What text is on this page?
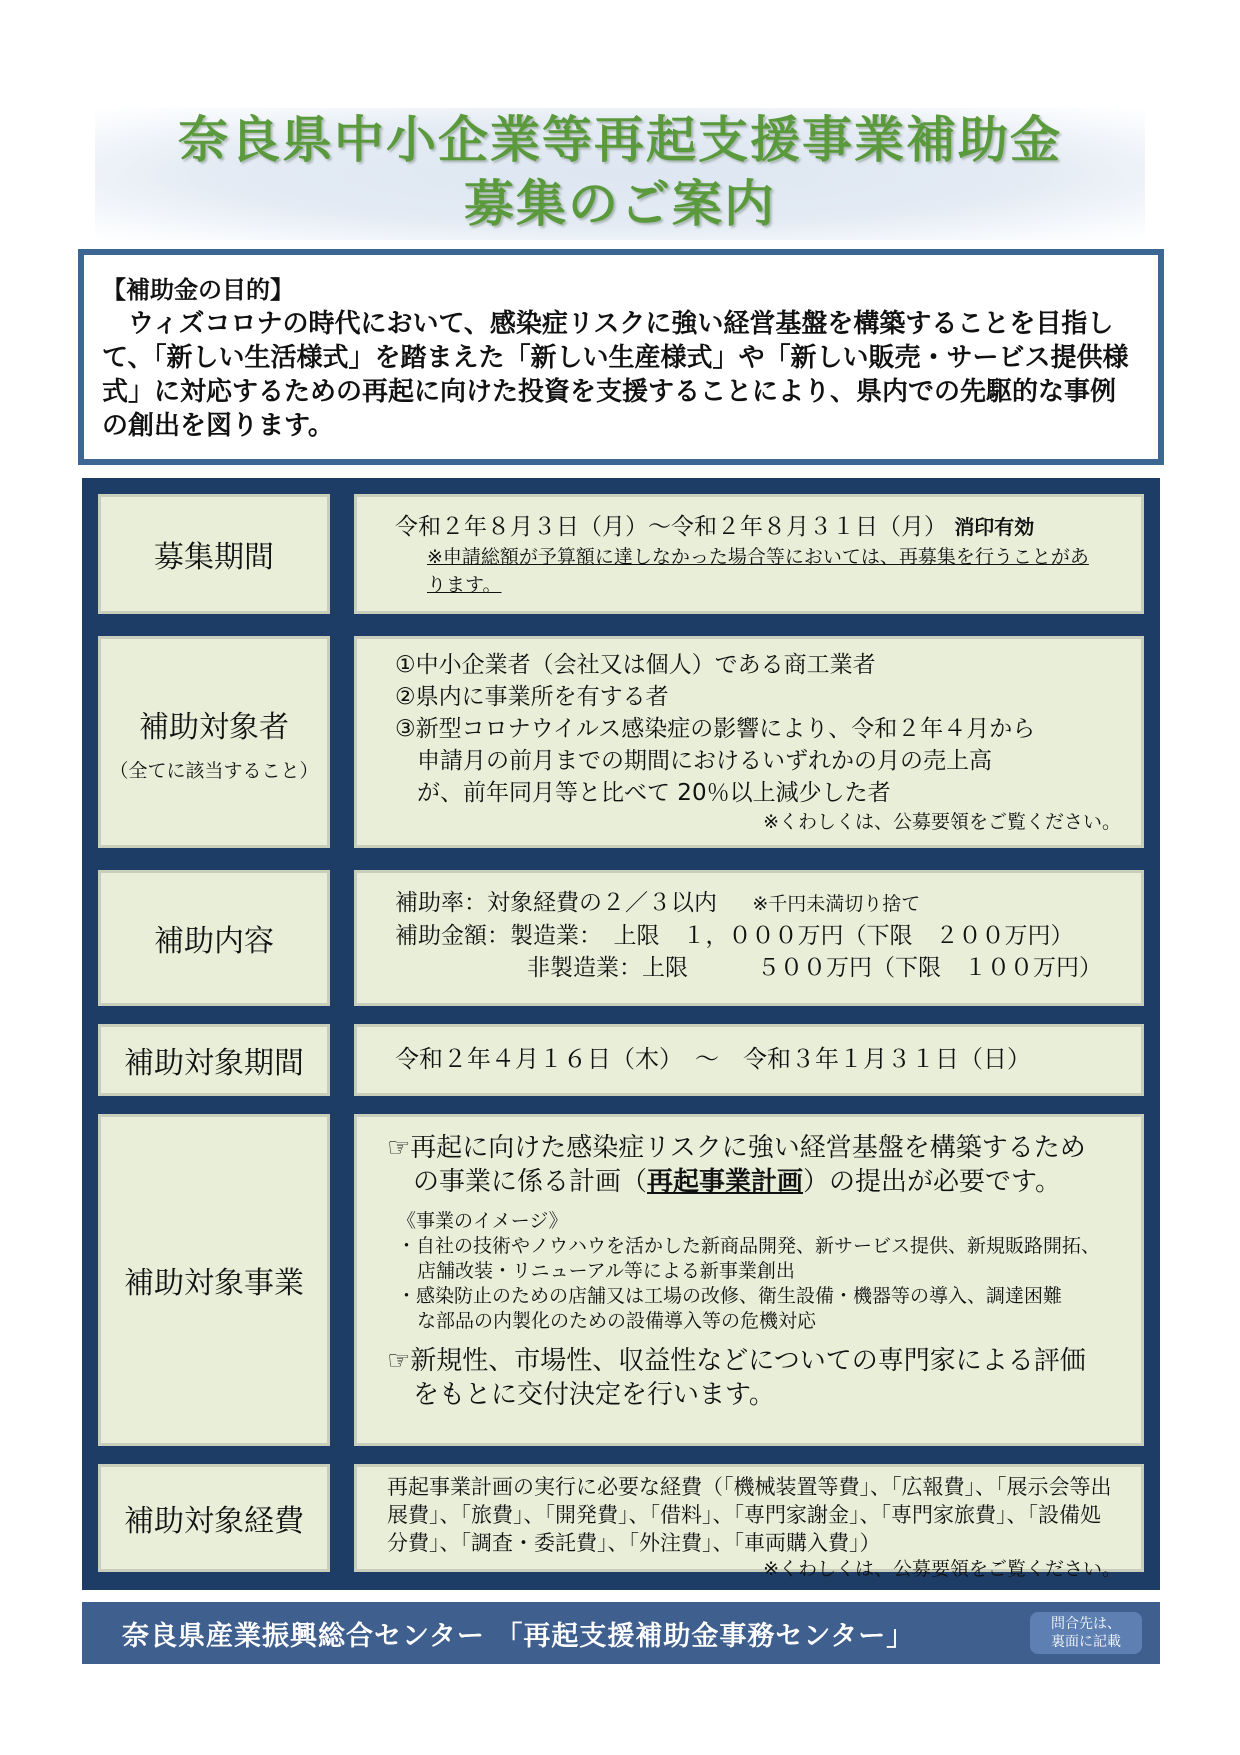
奈良県中小企業等再起支援事業補助金
募集のご案内
【補助金の目的】
ウィズコロナの時代において、感染症リスクに強い経営基盤を構築することを目指して、「新しい生活様式」を踏まえた「新しい生産様式」や「新しい販売・サービス提供様式」に対応するための再起に向けた投資を支援することにより、県内での先駆的な事例の創出を図ります。
募集期間
令和２年８月３日（月）～令和２年８月３１日（月） 消印有効
※申請総額が予算額に達しなかった場合等においては、再募集を行うことがあります。
補助対象者
（全てに該当すること）
①中小企業者（会社又は個人）である商工業者
②県内に事業所を有する者
③新型コロナウイルス感染症の影響により、令和２年４月から
申請月の前月までの期間におけるいずれかの月の売上高
が、前年同月等と比べて 20％以上減少した者
※くわしくは、公募要領をご覧ください。
補助内容
補助率：対象経費の２／３以内 ※千円未満切り捨て
補助金額：製造業：　上限　１，０００万円（下限　２００万円）
非製造業：上限　　　５００万円（下限　１００万円）
補助対象期間	令和２年４月１６日（木）　～　令和３年１月３１日（日）
補助対象事業
☞再起に向けた感染症リスクに強い経営基盤を構築するため
の事業に係る計画（再起事業計画）の提出が必要です。
《事業のイメージ》
・自社の技術やノウハウを活かした新商品開発、新サービス提供、新規販路開拓、
店舗改装・リニューアル等による新事業創出
・感染防止のための店舗又は工場の改修、衛生設備・機器等の導入、調達困難
な部品の内製化のための設備導入等の危機対応
☞新規性、市場性、収益性などについての専門家による評価
をもとに交付決定を行います。
補助対象経費
再起事業計画の実行に必要な経費（「機械装置等費」、「広報費」、「展示会等出展費」、「旅費」、「開発費」、「借料」、「専門家謝金」、「専門家旅費」、「設備処分費」、「調査・委託費」、「外注費」、「車両購入費」）
※くわしくは、公募要領をご覧ください。
奈良県産業振興総合センター 「再起支援補助金事務センター」	問合先は、
裏面に記載
